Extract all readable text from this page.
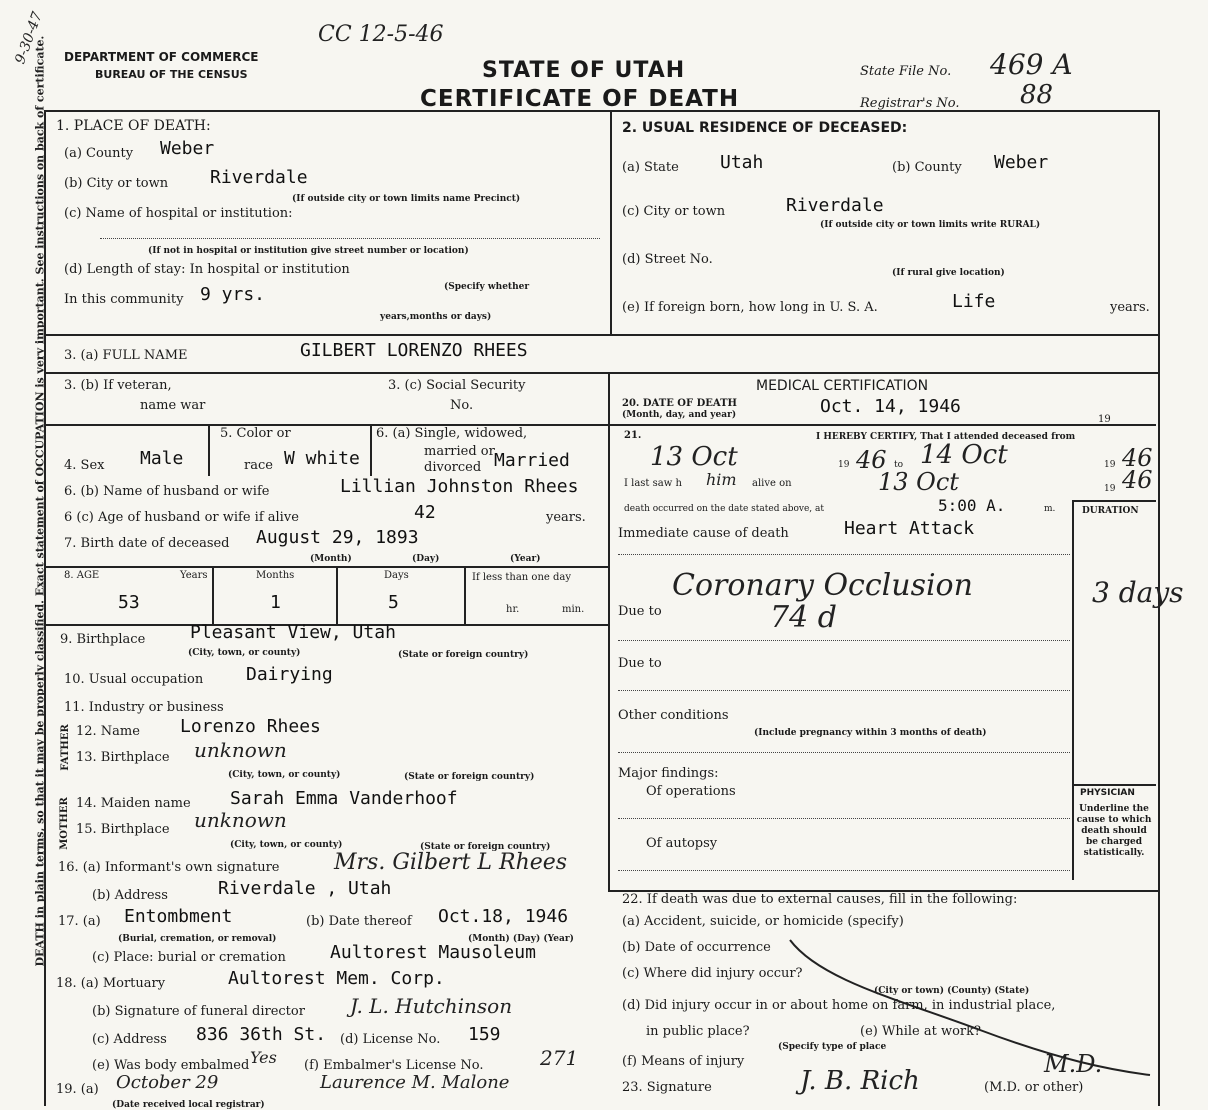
DEATH in plain terms, so that it may be properly classified. Exact statement of OCCUPATION is very important. See instructions on back of certificate. DEPARTMENT OF COMMERCE
BUREAU OF THE CENSUS
CC 12-5-46
9-30-47
STATE OF UTAH
CERTIFICATE OF DEATH
State File No. 469 A
Registrar's No. 88
1. PLACE OF DEATH:
(a) County Weber
(b) City or town Riverdale
(If outside city or town limits name Precinct)
(c) Name of hospital or institution:
(If not in hospital or institution give street number or location)
(d) Length of stay: In hospital or institution
In this community 9 yrs.	(Specify whether
years,months or days)
2. USUAL RESIDENCE OF DECEASED:
(a) State Utah	(b) County Weber
(c) City or town	Riverdale
(If outside city or town limits write RURAL)
(d) Street No.
(If rural give location)
(e) If foreign born, how long in U. S. A.	Life	years.
3. (a) FULL NAME	GILBERT LORENZO RHEES
3. (b) If veteran,
name war
3. (c) Social Security
No.
4. Sex Male
5. Color or
race W white
6. (a) Single, widowed,
married or
divorced Married
6. (b) Name of husband or wife	Lillian Johnston Rhees
6 (c) Age of husband or wife if alive	42	years.
7. Birth date of deceased August 29, 1893
(Month)	(Day)	(Year)
8. AGE	Years	Months	Days	If less than one day
53	1	5	hr.	min.
9. Birthplace Pleasant View, Utah
(City, town, or county)	(State or foreign country)
10. Usual occupation Dairying
11. Industry or business
FATHER
MOTHER
12. Name Lorenzo Rhees
13. Birthplace unknown
(City, town, or county)	(State or foreign country)
14. Maiden name Sarah Emma Vanderhoof
15. Birthplace unknown
(City, town, or county)	(State or foreign country)
16. (a) Informant's own signature Mrs. Gilbert L Rhees
(b) Address	Riverdale , Utah
17. (a) Entombment
(Burial, cremation, or removal)
(b) Date thereof Oct.18, 1946
(Month) (Day) (Year)
(c) Place: burial or cremation Aultorest Mausoleum
18. (a) Mortuary	Aultorest Mem. Corp.
(b) Signature of funeral director J. L. Hutchinson
(c) Address 836 36th St. (d) License No. 159
(e) Was body embalmed Yes (f) Embalmer's License No.	271
19. (a) October 29
(Date received local registrar)
Laurence M. Malone
MEDICAL CERTIFICATION
20. DATE OF DEATH
(Month, day, and year)	Oct. 14, 1946
19
21.	I HEREBY CERTIFY, That I attended deceased from
13 Oct	19 46 to 14 Oct	19 46
I last saw h him alive on	13 Oct	19 46
death occurred on the date stated above, at	5:00 A.	m.	DURATION
Immediate cause of death	Heart Attack
Coronary Occlusion	3 days
Due to	74 d
Due to
Other conditions
(Include pregnancy within 3 months of death)
Major findings:
Of operations
Of autopsy
PHYSICIAN
Underline the cause to which death should be charged statistically.
22. If death was due to external causes, fill in the following:
(a) Accident, suicide, or homicide (specify)
(b) Date of occurrence
(c) Where did injury occur?
(City or town) (County) (State)
(d) Did injury occur in or about home on farm, in industrial place,
in public place?
(Specify type of place
(e) While at work?
(f) Means of injury
23. Signature	J. B. Rich	(M.D. or other)
M.D.
